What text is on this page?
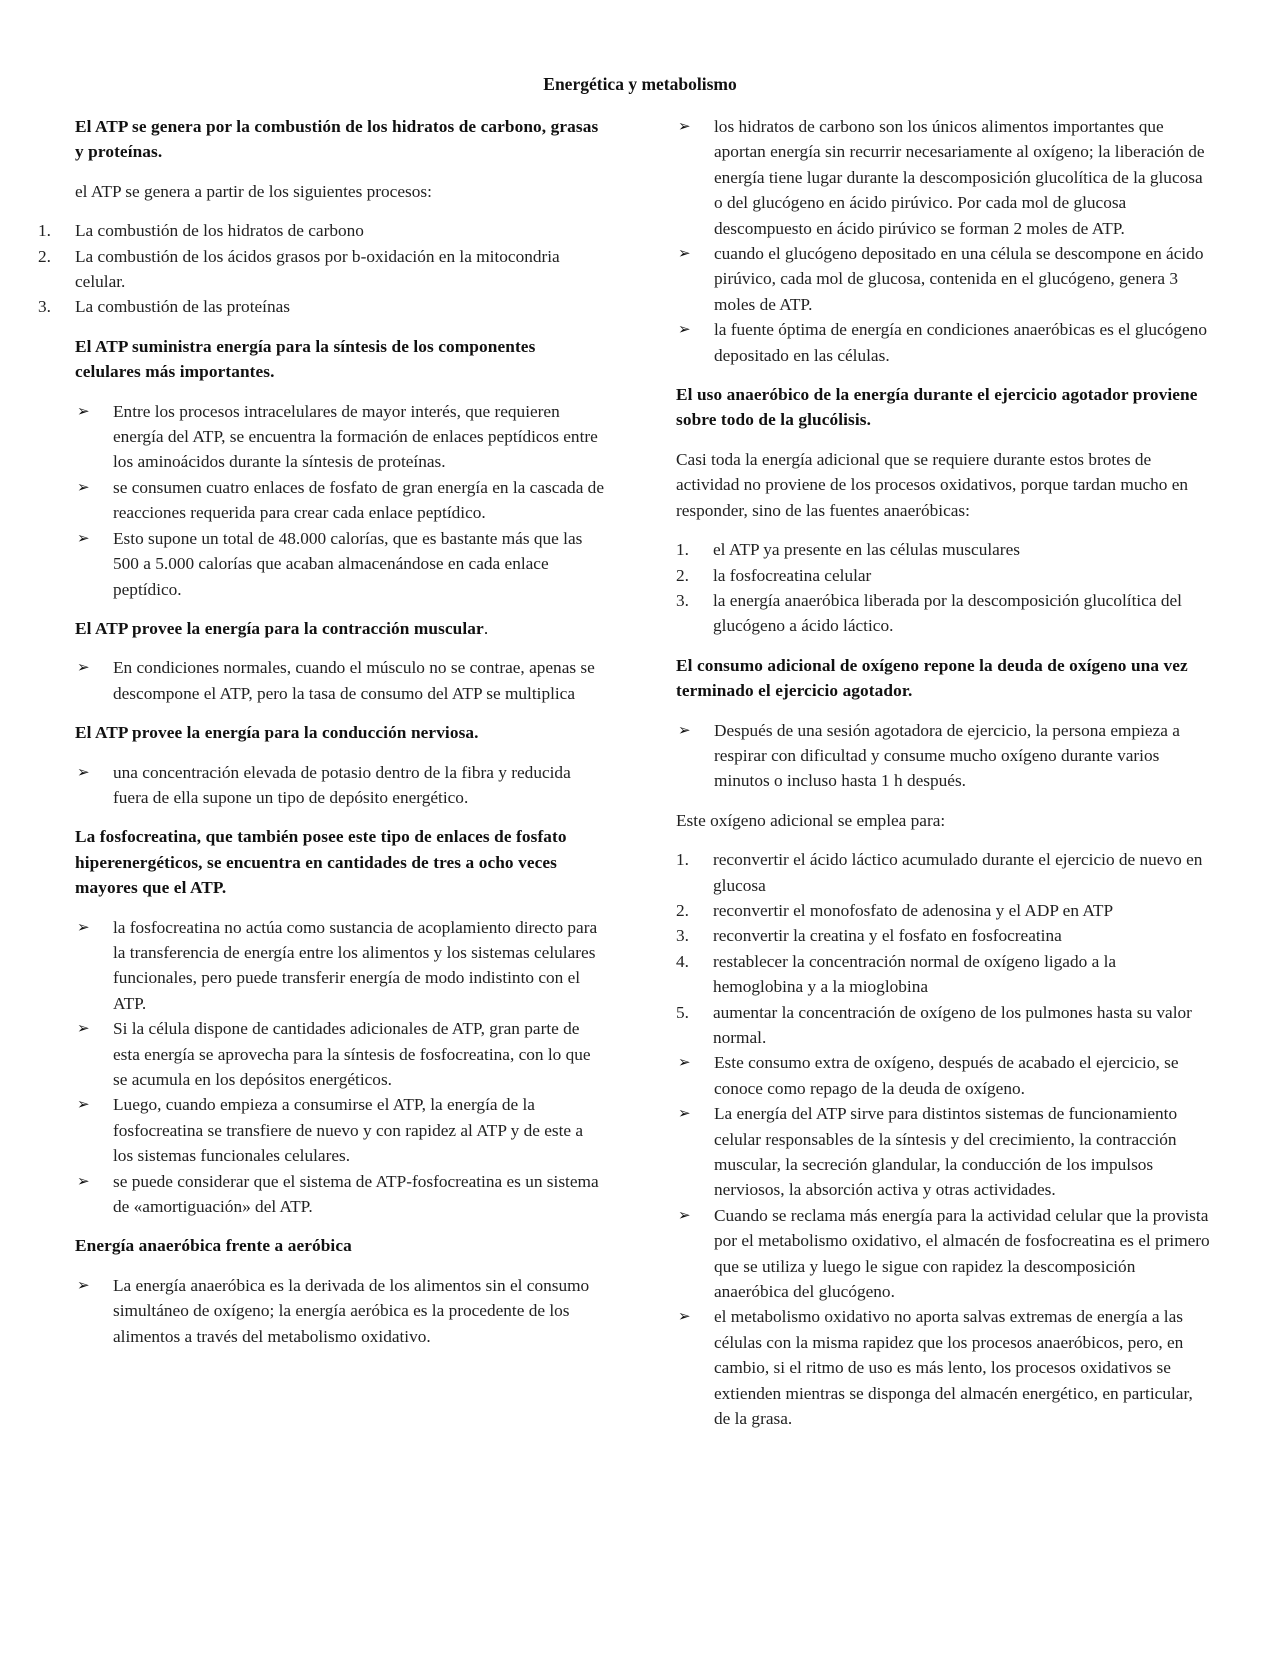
Energética y metabolismo
El ATP se genera por la combustión de los hidratos de carbono, grasas y proteínas.
el ATP se genera a partir de los siguientes procesos:
1. La combustión de los hidratos de carbono
2. La combustión de los ácidos grasos por b-oxidación en la mitocondria celular.
3. La combustión de las proteínas
El ATP suministra energía para la síntesis de los componentes celulares más importantes.
➢ Entre los procesos intracelulares de mayor interés, que requieren energía del ATP, se encuentra la formación de enlaces peptídicos entre los aminoácidos durante la síntesis de proteínas.
➢ se consumen cuatro enlaces de fosfato de gran energía en la cascada de reacciones requerida para crear cada enlace peptídico.
➢ Esto supone un total de 48.000 calorías, que es bastante más que las 500 a 5.000 calorías que acaban almacenándose en cada enlace peptídico.
El ATP provee la energía para la contracción muscular.
➢ En condiciones normales, cuando el músculo no se contrae, apenas se descompone el ATP, pero la tasa de consumo del ATP se multiplica
El ATP provee la energía para la conducción nerviosa.
➢ una concentración elevada de potasio dentro de la fibra y reducida fuera de ella supone un tipo de depósito energético.
La fosfocreatina, que también posee este tipo de enlaces de fosfato hiperenergéticos, se encuentra en cantidades de tres a ocho veces mayores que el ATP.
➢ la fosfocreatina no actúa como sustancia de acoplamiento directo para la transferencia de energía entre los alimentos y los sistemas celulares funcionales, pero puede transferir energía de modo indistinto con el ATP.
➢ Si la célula dispone de cantidades adicionales de ATP, gran parte de esta energía se aprovecha para la síntesis de fosfocreatina, con lo que se acumula en los depósitos energéticos.
➢ Luego, cuando empieza a consumirse el ATP, la energía de la fosfocreatina se transfiere de nuevo y con rapidez al ATP y de este a los sistemas funcionales celulares.
➢ se puede considerar que el sistema de ATP-fosfocreatina es un sistema de «amortiguación» del ATP.
Energía anaeróbica frente a aeróbica
➢ La energía anaeróbica es la derivada de los alimentos sin el consumo simultáneo de oxígeno; la energía aeróbica es la procedente de los alimentos a través del metabolismo oxidativo.
➢ los hidratos de carbono son los únicos alimentos importantes que aportan energía sin recurrir necesariamente al oxígeno; la liberación de energía tiene lugar durante la descomposición glucolítica de la glucosa o del glucógeno en ácido pirúvico. Por cada mol de glucosa descompuesto en ácido pirúvico se forman 2 moles de ATP.
➢ cuando el glucógeno depositado en una célula se descompone en ácido pirúvico, cada mol de glucosa, contenida en el glucógeno, genera 3 moles de ATP.
➢ la fuente óptima de energía en condiciones anaeróbicas es el glucógeno depositado en las células.
El uso anaeróbico de la energía durante el ejercicio agotador proviene sobre todo de la glucólisis.
Casi toda la energía adicional que se requiere durante estos brotes de actividad no proviene de los procesos oxidativos, porque tardan mucho en responder, sino de las fuentes anaeróbicas:
1. el ATP ya presente en las células musculares
2. la fosfocreatina celular
3. la energía anaeróbica liberada por la descomposición glucolítica del glucógeno a ácido láctico.
El consumo adicional de oxígeno repone la deuda de oxígeno una vez terminado el ejercicio agotador.
➢ Después de una sesión agotadora de ejercicio, la persona empieza a respirar con dificultad y consume mucho oxígeno durante varios minutos o incluso hasta 1 h después.
Este oxígeno adicional se emplea para:
1. reconvertir el ácido láctico acumulado durante el ejercicio de nuevo en glucosa
2. reconvertir el monofosfato de adenosina y el ADP en ATP
3. reconvertir la creatina y el fosfato en fosfocreatina
4. restablecer la concentración normal de oxígeno ligado a la hemoglobina y a la mioglobina
5. aumentar la concentración de oxígeno de los pulmones hasta su valor normal.
➢ Este consumo extra de oxígeno, después de acabado el ejercicio, se conoce como repago de la deuda de oxígeno.
➢ La energía del ATP sirve para distintos sistemas de funcionamiento celular responsables de la síntesis y del crecimiento, la contracción muscular, la secreción glandular, la conducción de los impulsos nerviosos, la absorción activa y otras actividades.
➢ Cuando se reclama más energía para la actividad celular que la provista por el metabolismo oxidativo, el almacén de fosfocreatina es el primero que se utiliza y luego le sigue con rapidez la descomposición anaeróbica del glucógeno.
➢ el metabolismo oxidativo no aporta salvas extremas de energía a las células con la misma rapidez que los procesos anaeróbicos, pero, en cambio, si el ritmo de uso es más lento, los procesos oxidativos se extienden mientras se disponga del almacén energético, en particular, de la grasa.
